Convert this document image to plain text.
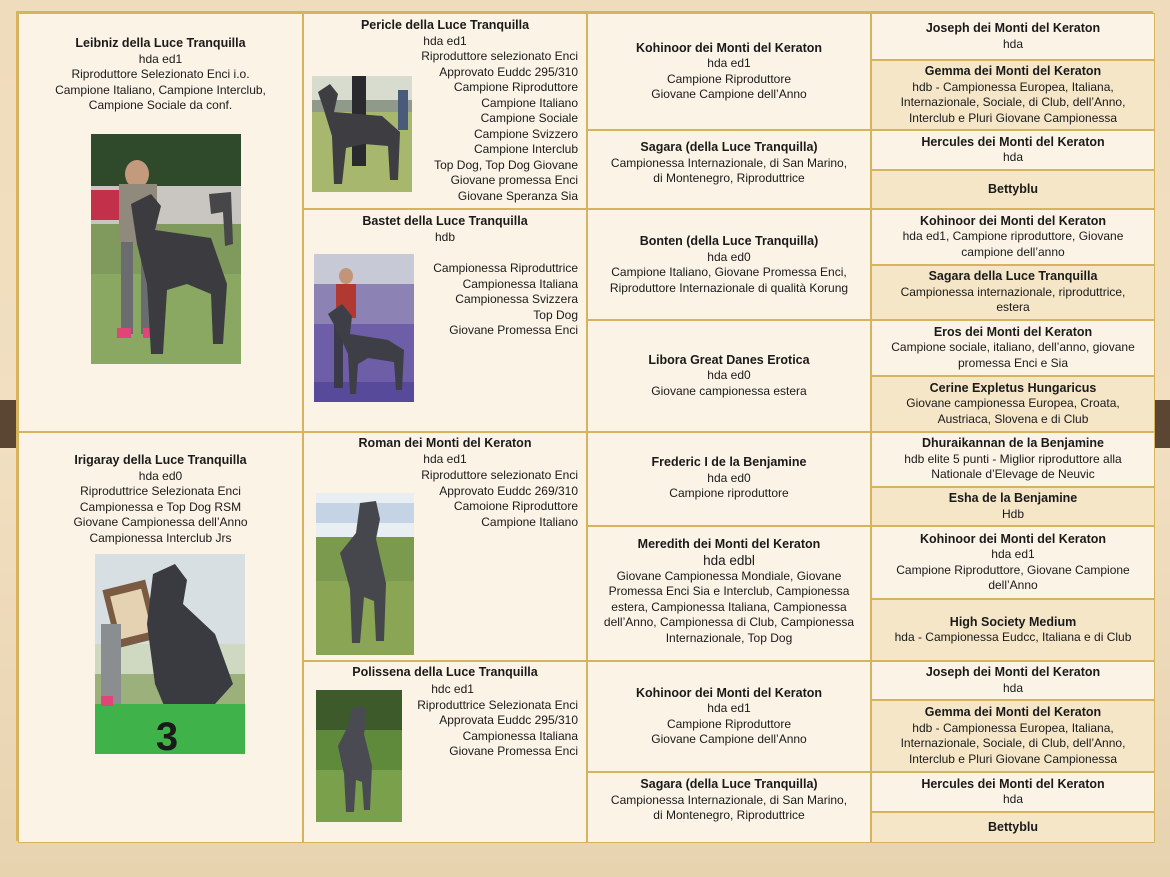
Leibniz della Luce Tranquilla
hda ed1
Riproduttore Selezionato Enci i.o.
Campione Italiano, Campione Interclub,
Campione Sociale da conf.
Irigaray della Luce Tranquilla
hda ed0
Riproduttrice Selezionata Enci
Campionessa e Top Dog RSM
Giovane Campionessa dell’Anno
Campionessa Interclub Jrs
3
Pericle della Luce Tranquilla
hda ed1
Riproduttore selezionato Enci
Approvato Euddc 295/310
Campione Riproduttore
Campione Italiano
Campione Sociale
Campione Svizzero
Campione Interclub
Top Dog, Top Dog Giovane
Giovane promessa Enci
Giovane Speranza Sia
Bastet della Luce Tranquilla
hdb
Campionessa Riproduttrice
Campionessa Italiana
Campionessa Svizzera
Top Dog
Giovane Promessa Enci
Roman dei Monti del Keraton
hda ed1
Riproduttore selezionato Enci
Approvato Euddc 269/310
Camoione Riproduttore
Campione Italiano
Polissena della Luce Tranquilla
hdc ed1
Riproduttrice Selezionata Enci
Approvata Euddc 295/310
Campionessa Italiana
Giovane Promessa Enci
Kohinoor dei Monti del Keraton
hda ed1
Campione Riproduttore
Giovane Campione dell’Anno
Sagara (della Luce Tranquilla)
Campionessa Internazionale, di San Marino,
di Montenegro, Riproduttrice
Bonten (della Luce Tranquilla)
hda ed0
Campione Italiano, Giovane Promessa Enci,
Riproduttore Internazionale di qualità Korung
Libora Great Danes Erotica
hda ed0
Giovane campionessa estera
Frederic I de la Benjamine
hda ed0
Campione riproduttore
Meredith dei Monti del Keraton
hda edbl
Giovane Campionessa Mondiale, Giovane
Promessa Enci Sia e Interclub, Campionessa
estera, Campionessa Italiana, Campionessa
dell’Anno, Campionessa di Club, Campionessa
Internazionale, Top Dog
Kohinoor dei Monti del Keraton
hda ed1
Campione Riproduttore
Giovane Campione dell’Anno
Sagara (della Luce Tranquilla)
Campionessa Internazionale, di San Marino,
di Montenegro, Riproduttrice
Joseph dei Monti del Keraton
hda
Gemma dei Monti del Keraton
hdb - Campionessa Europea, Italiana,
Internazionale, Sociale, di Club, dell’Anno,
Interclub e Pluri Giovane Campionessa
Hercules dei Monti del Keraton
hda
Bettyblu
Kohinoor dei Monti del Keraton
hda ed1, Campione riproduttore, Giovane
campione dell’anno
Sagara della Luce Tranquilla
Campionessa internazionale, riproduttrice,
estera
Eros dei Monti del Keraton
Campione sociale, italiano, dell’anno, giovane
promessa Enci e Sia
Cerine Expletus Hungaricus
Giovane campionessa Europea, Croata,
Austriaca, Slovena e di Club
Dhuraikannan de la Benjamine
hdb elite 5 punti - Miglior riproduttore alla
Nationale d’Elevage de Neuvic
Esha de la Benjamine
Hdb
Kohinoor dei Monti del Keraton
hda ed1
Campione Riproduttore, Giovane Campione
dell’Anno
High Society Medium
hda - Campionessa Eudcc, Italiana e di Club
Joseph dei Monti del Keraton
hda
Gemma dei Monti del Keraton
hdb - Campionessa Europea, Italiana,
Internazionale, Sociale, di Club, dell’Anno,
Interclub e Pluri Giovane Campionessa
Hercules dei Monti del Keraton
hda
Bettyblu
